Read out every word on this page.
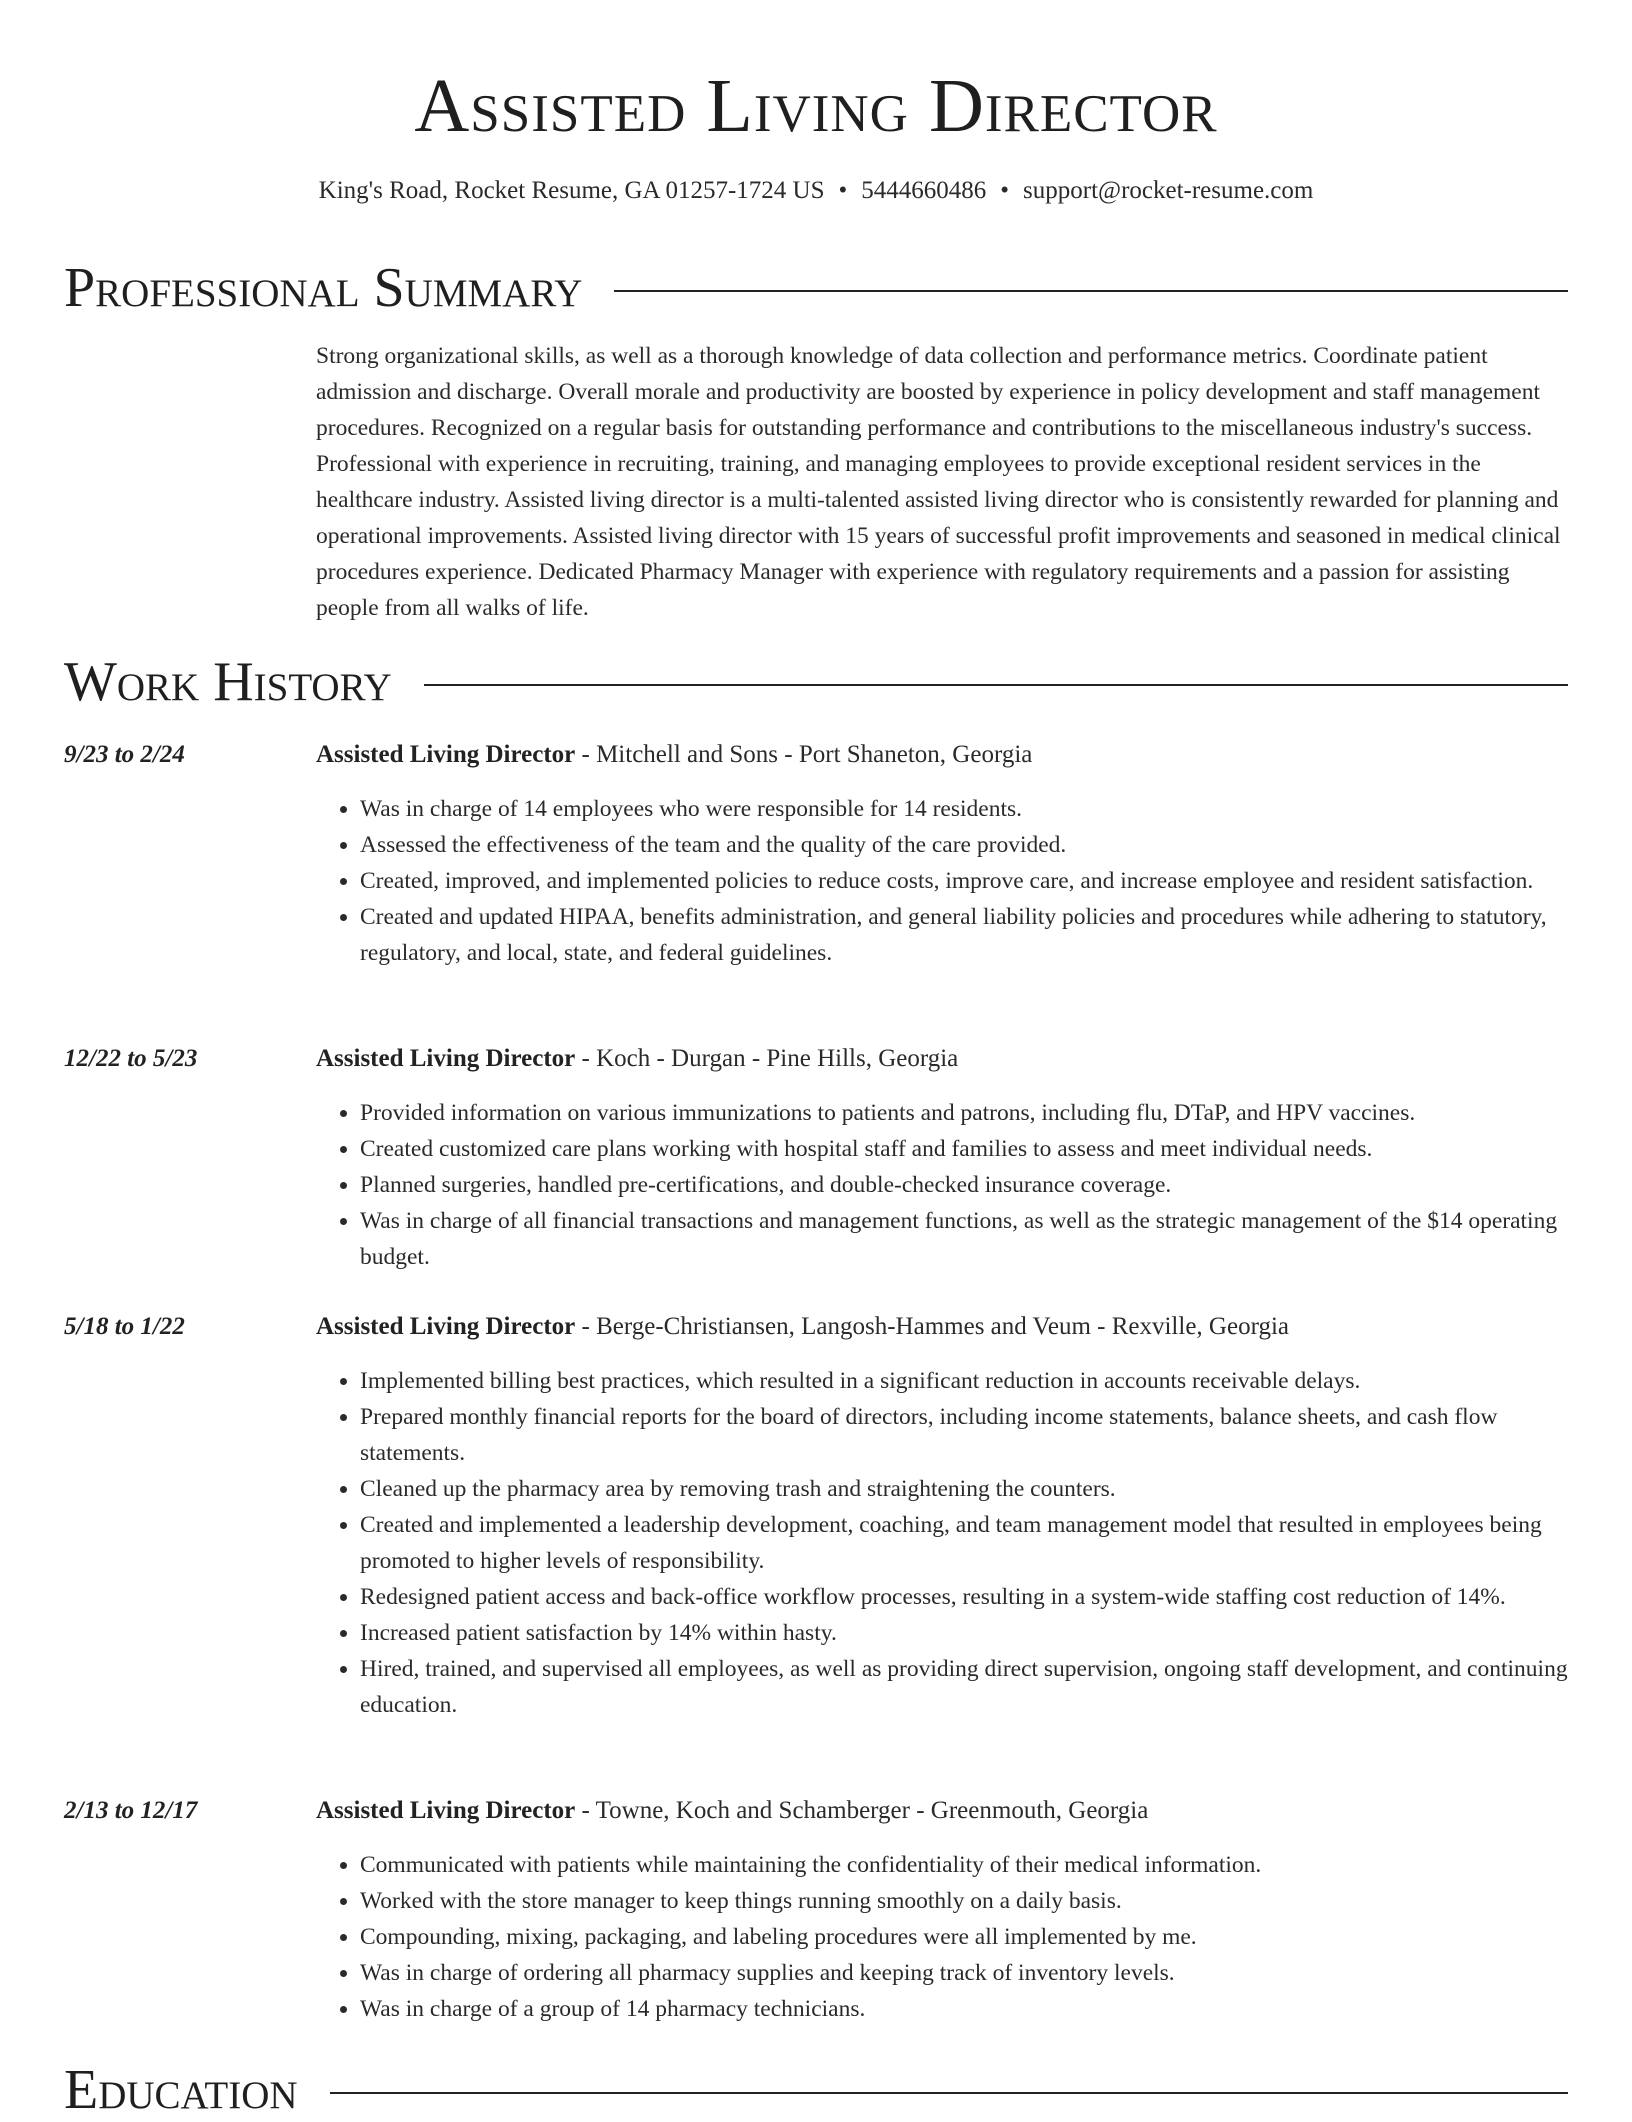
Assisted Living Director
King's Road, Rocket Resume, GA 01257-1724 US • 5444660486 • support@rocket-resume.com
Professional Summary

Strong organizational skills, as well as a thorough knowledge of data collection and performance metrics. Coordinate patient admission and discharge. Overall morale and productivity are boosted by experience in policy development and staff management procedures. Recognized on a regular basis for outstanding performance and contributions to the miscellaneous industry's success. Professional with experience in recruiting, training, and managing employees to provide exceptional resident services in the healthcare industry. Assisted living director is a multi-talented assisted living director who is consistently rewarded for planning and operational improvements. Assisted living director with 15 years of successful profit improvements and seasoned in medical clinical procedures experience. Dedicated Pharmacy Manager with experience with regulatory requirements and a passion for assisting people from all walks of life.

Work History
9/23 to 2/24	Assisted Living Director - Mitchell and Sons - Port Shaneton, Georgia
• Was in charge of 14 employees who were responsible for 14 residents.
• Assessed the effectiveness of the team and the quality of the care provided.
• Created, improved, and implemented policies to reduce costs, improve care, and increase employee and resident satisfaction.
• Created and updated HIPAA, benefits administration, and general liability policies and procedures while adhering to statutory, regulatory, and local, state, and federal guidelines.
12/22 to 5/23	Assisted Living Director - Koch - Durgan - Pine Hills, Georgia
• Provided information on various immunizations to patients and patrons, including flu, DTaP, and HPV vaccines.
• Created customized care plans working with hospital staff and families to assess and meet individual needs.
• Planned surgeries, handled pre-certifications, and double-checked insurance coverage.
• Was in charge of all financial transactions and management functions, as well as the strategic management of the $14 operating budget.
5/18 to 1/22	Assisted Living Director - Berge-Christiansen, Langosh-Hammes and Veum - Rexville, Georgia
• Implemented billing best practices, which resulted in a significant reduction in accounts receivable delays.
• Prepared monthly financial reports for the board of directors, including income statements, balance sheets, and cash flow statements.
• Cleaned up the pharmacy area by removing trash and straightening the counters.
• Created and implemented a leadership development, coaching, and team management model that resulted in employees being promoted to higher levels of responsibility.
• Redesigned patient access and back-office workflow processes, resulting in a system-wide staffing cost reduction of 14%.
• Increased patient satisfaction by 14% within hasty.
• Hired, trained, and supervised all employees, as well as providing direct supervision, ongoing staff development, and continuing education.
2/13 to 12/17	Assisted Living Director - Towne, Koch and Schamberger - Greenmouth, Georgia
• Communicated with patients while maintaining the confidentiality of their medical information.
• Worked with the store manager to keep things running smoothly on a daily basis.
• Compounding, mixing, packaging, and labeling procedures were all implemented by me.
• Was in charge of ordering all pharmacy supplies and keeping track of inventory levels.
• Was in charge of a group of 14 pharmacy technicians.
Education
